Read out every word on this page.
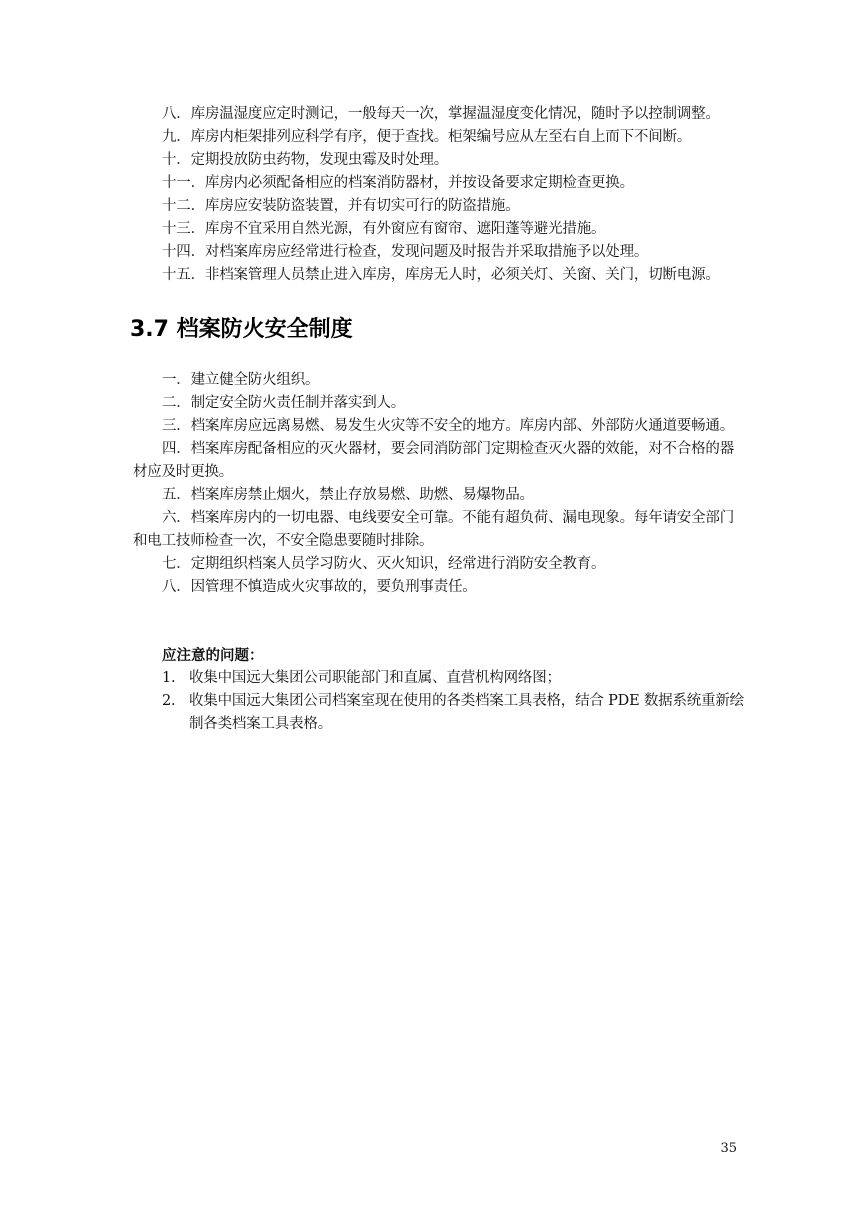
八．库房温湿度应定时测记，一般每天一次，掌握温湿度变化情况，随时予以控制调整。
九．库房内柜架排列应科学有序，便于查找。柜架编号应从左至右自上而下不间断。
十．定期投放防虫药物，发现虫霉及时处理。
十一．库房内必须配备相应的档案消防器材，并按设备要求定期检查更换。
十二．库房应安装防盗装置，并有切实可行的防盗措施。
十三．库房不宜采用自然光源，有外窗应有窗帘、遮阳蓬等避光措施。
十四．对档案库房应经常进行检查，发现问题及时报告并采取措施予以处理。
十五．非档案管理人员禁止进入库房，库房无人时，必须关灯、关窗、关门，切断电源。
3.7 档案防火安全制度
一．建立健全防火组织。
二．制定安全防火责任制并落实到人。
三．档案库房应远离易燃、易发生火灾等不安全的地方。库房内部、外部防火通道要畅通。
四．档案库房配备相应的灭火器材，要会同消防部门定期检查灭火器的效能，对不合格的器材应及时更换。
五．档案库房禁止烟火，禁止存放易燃、助燃、易爆物品。
六．档案库房内的一切电器、电线要安全可靠。不能有超负荷、漏电现象。每年请安全部门和电工技师检查一次，不安全隐患要随时排除。
七．定期组织档案人员学习防火、灭火知识，经常进行消防安全教育。
八．因管理不慎造成火灾事故的，要负刑事责任。

应注意的问题：

1. 收集中国远大集团公司职能部门和直属、直营机构网络图；
2. 收集中国远大集团公司档案室现在使用的各类档案工具表格，结合 PDE 数据系统重新绘制各类档案工具表格。
35
